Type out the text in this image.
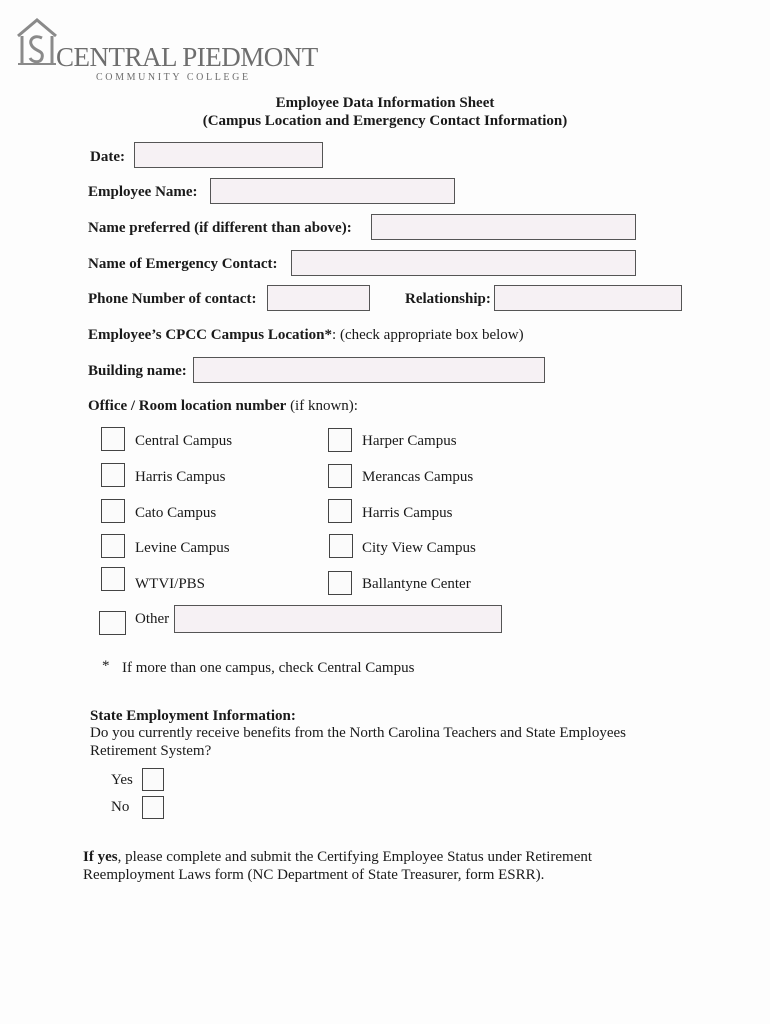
CENTRAL PIEDMONT
COMMUNITY COLLEGE
Employee Data Information Sheet
(Campus Location and Emergency Contact Information)
Date:
Employee Name:
Name preferred (if different than above):
Name of Emergency Contact:
Phone Number of contact:	Relationship:
Employee’s CPCC Campus Location*: (check appropriate box below)
Building name:
Office / Room location number (if known):
Central Campus
Harris Campus
Cato Campus
Levine Campus
WTVI/PBS
Harper Campus
Merancas Campus
Harris Campus
City View Campus
Ballantyne Center
Other
* If more than one campus, check Central Campus
State Employment Information:
Do you currently receive benefits from the North Carolina Teachers and State Employees
Retirement System?
Yes
No
If yes, please complete and submit the Certifying Employee Status under Retirement
Reemployment Laws form (NC Department of State Treasurer, form ESRR).
